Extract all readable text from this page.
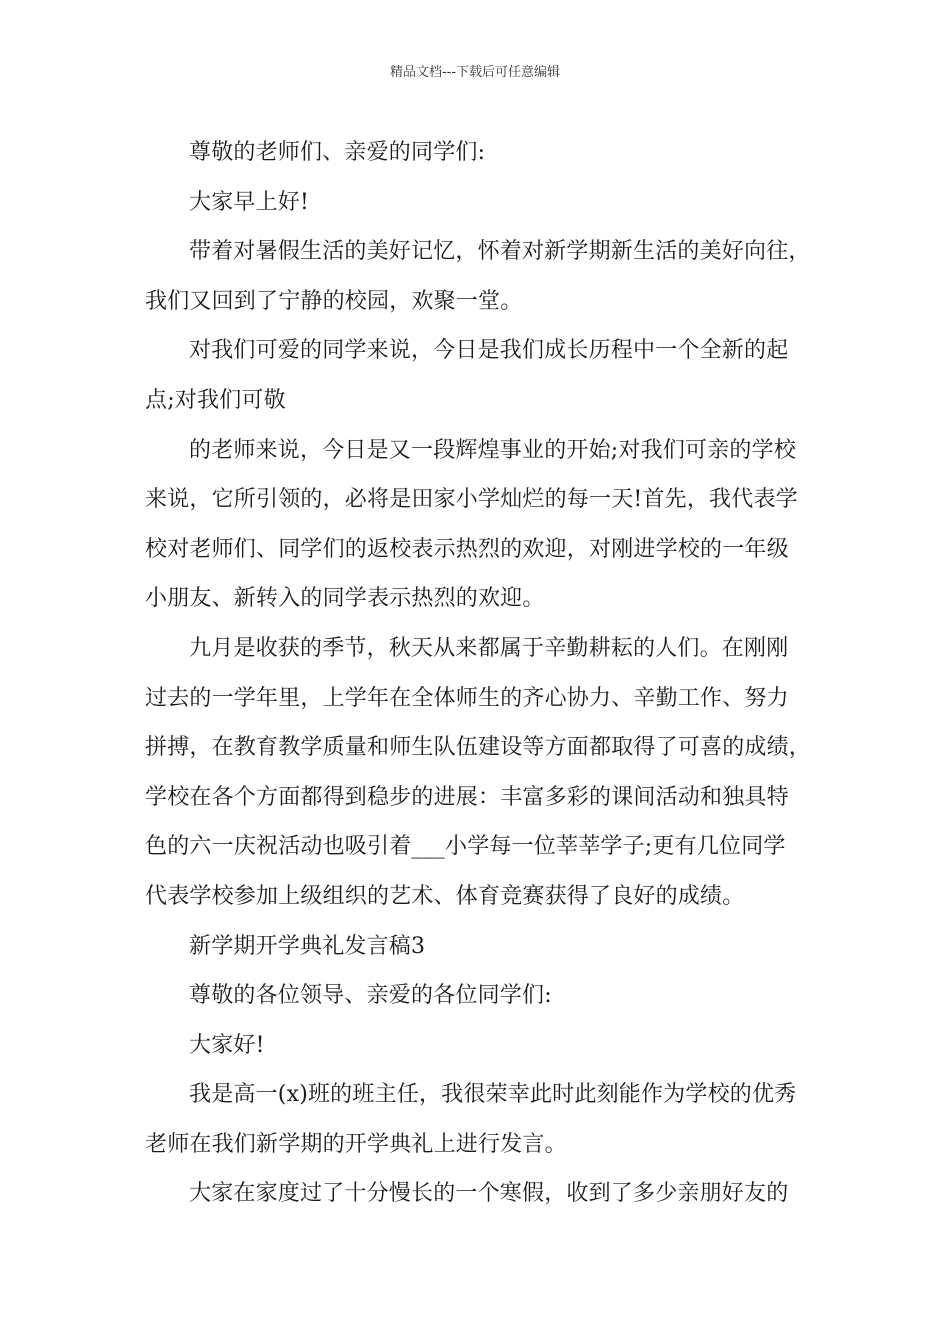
精品文档---下载后可任意编辑

尊敬的老师们、亲爱的同学们:

大家早上好!

带着对暑假生活的美好记忆，怀着对新学期新生活的美好向往，

我们又回到了宁静的校园，欢聚一堂。

对我们可爱的同学来说，今日是我们成长历程中一个全新的起

点;对我们可敬

的老师来说，今日是又一段辉煌事业的开始;对我们可亲的学校

来说，它所引领的，必将是田家小学灿烂的每一天!首先，我代表学

校对老师们、同学们的返校表示热烈的欢迎，对刚进学校的一年级

小朋友、新转入的同学表示热烈的欢迎。

九月是收获的季节，秋天从来都属于辛勤耕耘的人们。在刚刚

过去的一学年里，上学年在全体师生的齐心协力、辛勤工作、努力

拼搏，在教育教学质量和师生队伍建设等方面都取得了可喜的成绩，

学校在各个方面都得到稳步的进展：丰富多彩的课间活动和独具特

色的六一庆祝活动也吸引着___小学每一位莘莘学子;更有几位同学

代表学校参加上级组织的艺术、体育竞赛获得了良好的成绩。

新学期开学典礼发言稿3

尊敬的各位领导、亲爱的各位同学们:

大家好!

我是高一(x)班的班主任，我很荣幸此时此刻能作为学校的优秀

老师在我们新学期的开学典礼上进行发言。

大家在家度过了十分慢长的一个寒假，收到了多少亲朋好友的
